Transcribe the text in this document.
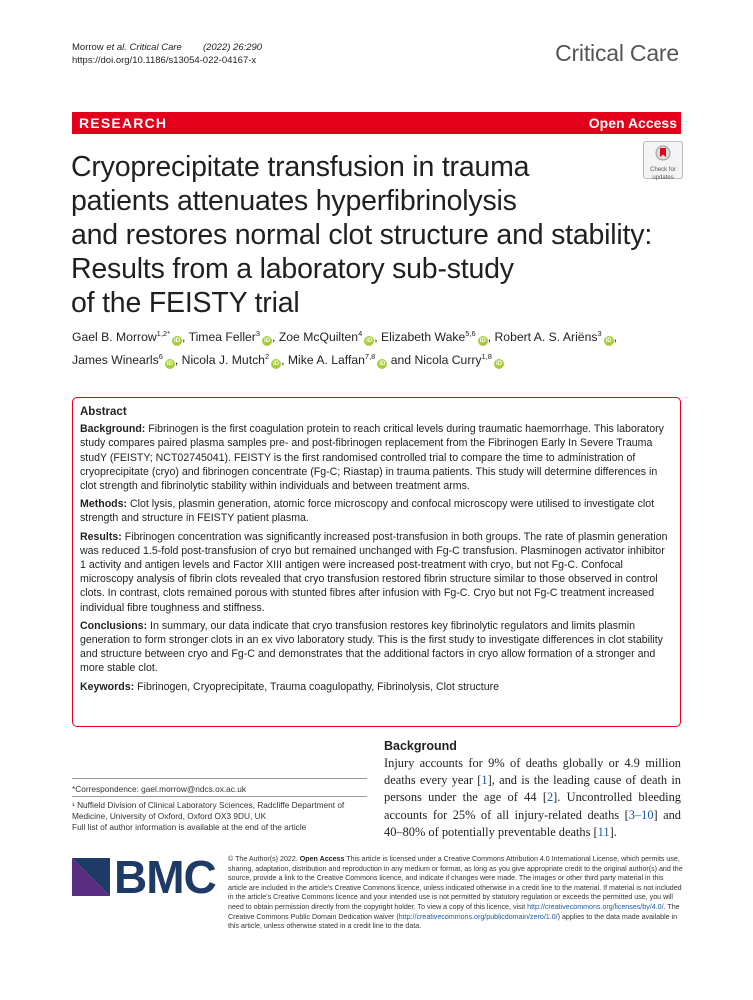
Morrow et al. Critical Care (2022) 26:290
https://doi.org/10.1186/s13054-022-04167-x	Critical Care
RESEARCH	Open Access
Check for
updates
Cryoprecipitate transfusion in trauma
patients attenuates hyperfibrinolysis
and restores normal clot structure and stability:
Results from a laboratory sub-study
of the FEISTY trial
Gael B. Morrow$^{1,2*}$iD , Timea Feller$^3$iD , Zoe McQuilten$^4$iD , Elizabeth Wake$^{5,6}$iD , Robert A. S. Ariëns$^3$iD ,
James Winearls$^6$iD , Nicola J. Mutch$^2$iD , Mike A. Laffan$^{7,8}$iD and Nicola Curry$^{1,8}$iD
Abstract

Background: Fibrinogen is the first coagulation protein to reach critical levels during traumatic haemorrhage. This laboratory study compares paired plasma samples pre- and post-fibrinogen replacement from the Fibrinogen Early In Severe Trauma studY (FEISTY; NCT02745041). FEISTY is the first randomised controlled trial to compare the time to administration of cryoprecipitate (cryo) and fibrinogen concentrate (Fg-C; Riastap) in trauma patients. This study will determine differences in clot strength and fibrinolytic stability within individuals and between treatment arms.

Methods: Clot lysis, plasmin generation, atomic force microscopy and confocal microscopy were utilised to investigate clot strength and structure in FEISTY patient plasma.

Results: Fibrinogen concentration was significantly increased post-transfusion in both groups. The rate of plasmin generation was reduced 1.5-fold post-transfusion of cryo but remained unchanged with Fg-C transfusion. Plasminogen activator inhibitor 1 activity and antigen levels and Factor XIII antigen were increased post-treatment with cryo, but not Fg-C. Confocal microscopy analysis of fibrin clots revealed that cryo transfusion restored fibrin structure similar to those observed in control clots. In contrast, clots remained porous with stunted fibres after infusion with Fg-C. Cryo but not Fg-C treatment increased individual fibre toughness and stiffness.

Conclusions: In summary, our data indicate that cryo transfusion restores key fibrinolytic regulators and limits plasmin generation to form stronger clots in an ex vivo laboratory study. This is the first study to investigate differences in clot stability and structure between cryo and Fg-C and demonstrates that the additional factors in cryo allow formation of a stronger and more stable clot.

Keywords: Fibrinogen, Cryoprecipitate, Trauma coagulopathy, Fibrinolysis, Clot structure

Background
Injury accounts for 9% of deaths globally or 4.9 million deaths every year [1], and is the leading cause of death in persons under the age of 44 [2]. Uncontrolled bleeding accounts for 25% of all injury-related deaths [3–10] and 40–80% of potentially preventable deaths [11].
*Correspondence: gael.morrow@ndcs.ox.ac.uk
¹ Nuffield Division of Clinical Laboratory Sciences, Radcliffe Department of Medicine, University of Oxford, Oxford OX3 9DU, UK
Full list of author information is available at the end of the article
BMC © The Author(s) 2022. Open Access This article is licensed under a Creative Commons Attribution 4.0 International License, which permits use, sharing, adaptation, distribution and reproduction in any medium or format, as long as you give appropriate credit to the original author(s) and the source, provide a link to the Creative Commons licence, and indicate if changes were made. The images or other third party material in this article are included in the article's Creative Commons licence, unless indicated otherwise in a credit line to the material. If material is not included in the article's Creative Commons licence and your intended use is not permitted by statutory regulation or exceeds the permitted use, you will need to obtain permission directly from the copyright holder. To view a copy of this licence, visit http://creativecommons.org/licenses/by/4.0/. The Creative Commons Public Domain Dedication waiver (http://creativecommons.org/publicdomain/zero/1.0/) applies to the data made available in this article, unless otherwise stated in a credit line to the data.
